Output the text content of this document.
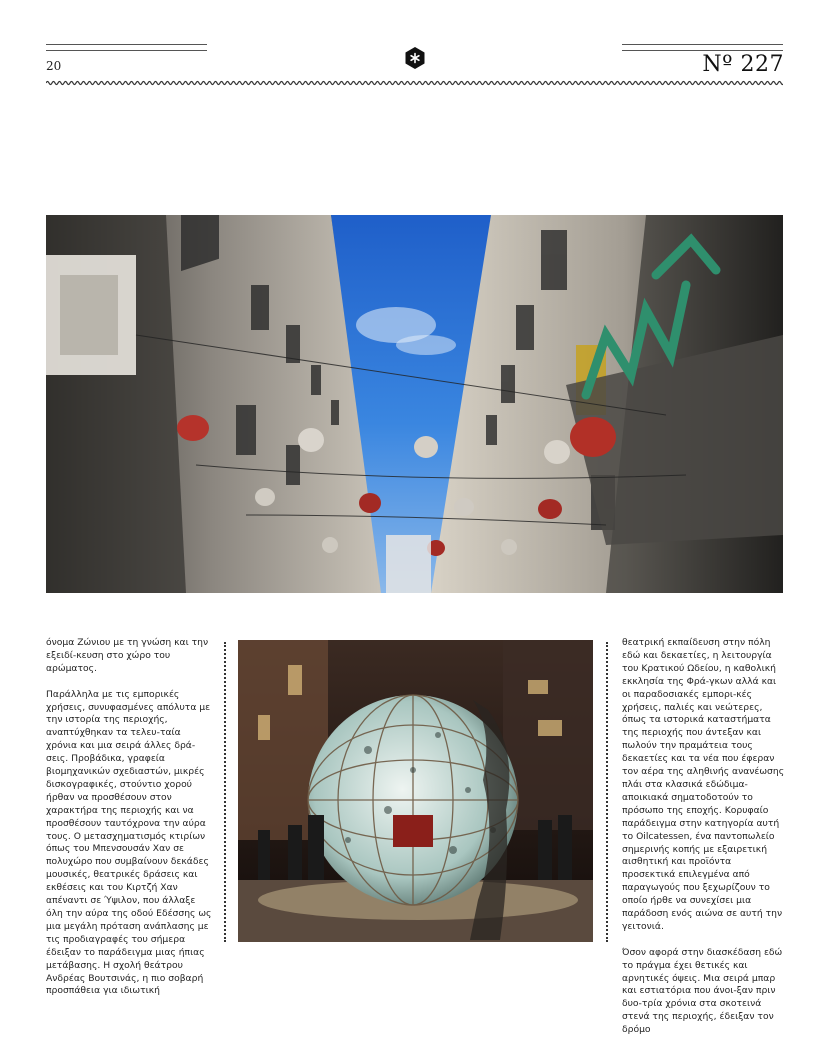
20	Nº 227

όνομα Ζώνιου με τη γνώση και την εξειδί-κευση στο χώρο του αρώματος.

Παράλληλα με τις εμπορικές χρήσεις, συνυφασμένες απόλυτα με την ιστορία της περιοχής, αναπτύχθηκαν τα τελευ-ταία χρόνια και μια σειρά άλλες δρά-σεις. Προβάδικα, γραφεία βιομηχανικών σχεδιαστών, μικρές δισκογραφικές, στούντιο χορού ήρθαν να προσθέσουν στον χαρακτήρα της περιοχής και να προσθέσουν ταυτόχρονα την αύρα τους. Ο μετασχηματισμός κτιρίων όπως του Μπενσουσάν Χαν σε πολυχώρο που συμβαίνουν δεκάδες μουσικές, θεατρικές δράσεις και εκθέσεις και του Κιρτζή Χαν απέναντι σε Ύψιλον, που άλλαξε όλη την αύρα της οδού Εδέσσης ως μια μεγάλη πρόταση ανάπλασης με τις προδιαγραφές του σήμερα έδειξαν το παράδειγμα μιας ήπιας μετάβασης. Η σχολή θεάτρου Ανδρέας Βουτσινάς, η πιο σοβαρή προσπάθεια για ιδιωτική

θεατρική εκπαίδευση στην πόλη εδώ και δεκαετίες, η λειτουργία του Κρατικού Ωδείου, η καθολική εκκλησία της Φρά-γκων αλλά και οι παραδοσιακές εμπορι-κές χρήσεις, παλιές και νεώτερες, όπως τα ιστορικά καταστήματα της περιοχής που άντεξαν και πωλούν την πραμάτεια τους δεκαετίες και τα νέα που έφεραν τον αέρα της αληθινής ανανέωσης πλάι στα κλασικά εδώδιμα-αποικιακά σηματοδοτούν το πρόσωπο της εποχής. Κορυφαίο παράδειγμα στην κατηγορία αυτή το Oilcatessen, ένα παντοπωλείο σημερινής κοπής με εξαιρετική αισθητική και προϊόντα προσεκτικά επιλεγμένα από παραγωγούς που ξεχωρίζουν το οποίο ήρθε να συνεχίσει μια παράδοση ενός αιώνα σε αυτή την γειτονιά.

Όσον αφορά στην διασκέδαση εδώ το πράγμα έχει θετικές και αρνητικές όψεις. Μια σειρά μπαρ και εστιατόρια που άνοι-ξαν πριν δυο-τρία χρόνια στα σκοτεινά στενά της περιοχής, έδειξαν τον δρόμο
